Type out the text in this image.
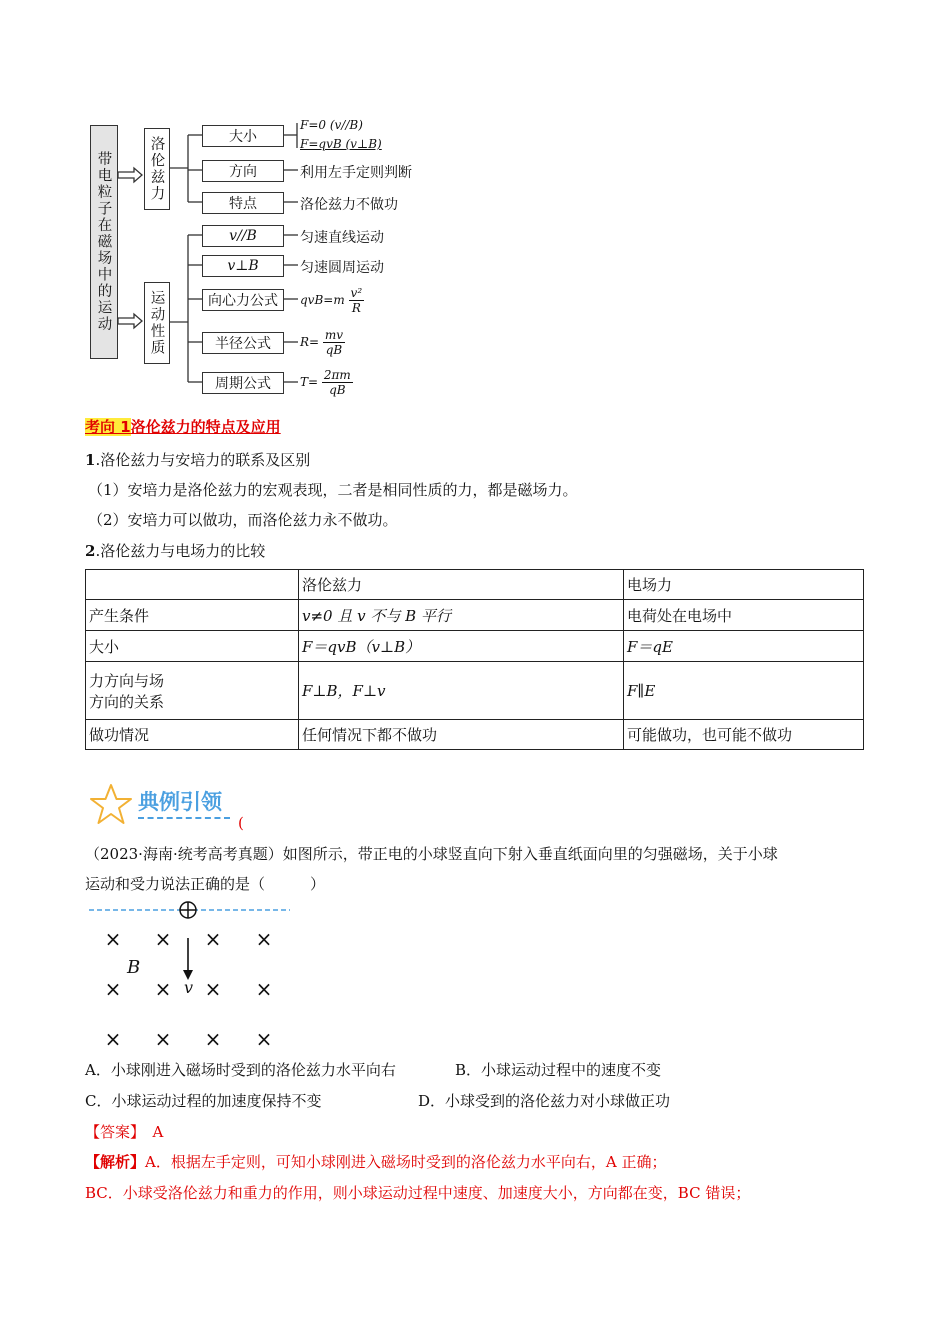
带电粒子在磁场中的运动	洛伦兹力
运动性质
大小
方向
特点
F=0 (v//B)
F=qvB (v⊥B)
利用左手定则判断
洛伦兹力不做功
v//B
v⊥B
向心力公式
半径公式
周期公式
匀速直线运动
匀速圆周运动
$qvB=m \frac{\text{v²}}{R}$
$R= \frac{mv}{qB}$
$T= \frac{2\pi m}{qB}$
考向 1洛伦兹力的特点及应用
1.洛伦兹力与安培力的联系及区别
（1）安培力是洛伦兹力的宏观表现，二者是相同性质的力，都是磁场力。
（2）安培力可以做功，而洛伦兹力永不做功。
2.洛伦兹力与电场力的比较
	洛伦兹力	电场力
产生条件	v≠0 且 v 不与 B 平行	电荷处在电场中
大小	F＝qvB（v⊥B）	F＝qE

力方向与场
方向的关系	F⊥B，F⊥v	F∥E
做功情况	任何情况下都不做功	可能做功，也可能不做功
典例引领
(
（2023·海南·统考高考真题）如图所示，带正电的小球竖直向下射入垂直纸面向里的匀强磁场，关于小球
运动和受力说法正确的是（　　　）
× × × ×
× × × ×
× × × ×
B
v
A．小球刚进入磁场时受到的洛伦兹力水平向右	B．小球运动过程中的速度不变
C．小球运动过程的加速度保持不变	D．小球受到的洛伦兹力对小球做正功
【答案】　 A
【解析】A．根据左手定则，可知小球刚进入磁场时受到的洛伦兹力水平向右，A 正确；
BC．小球受洛伦兹力和重力的作用，则小球运动过程中速度、加速度大小，方向都在变，BC 错误；
